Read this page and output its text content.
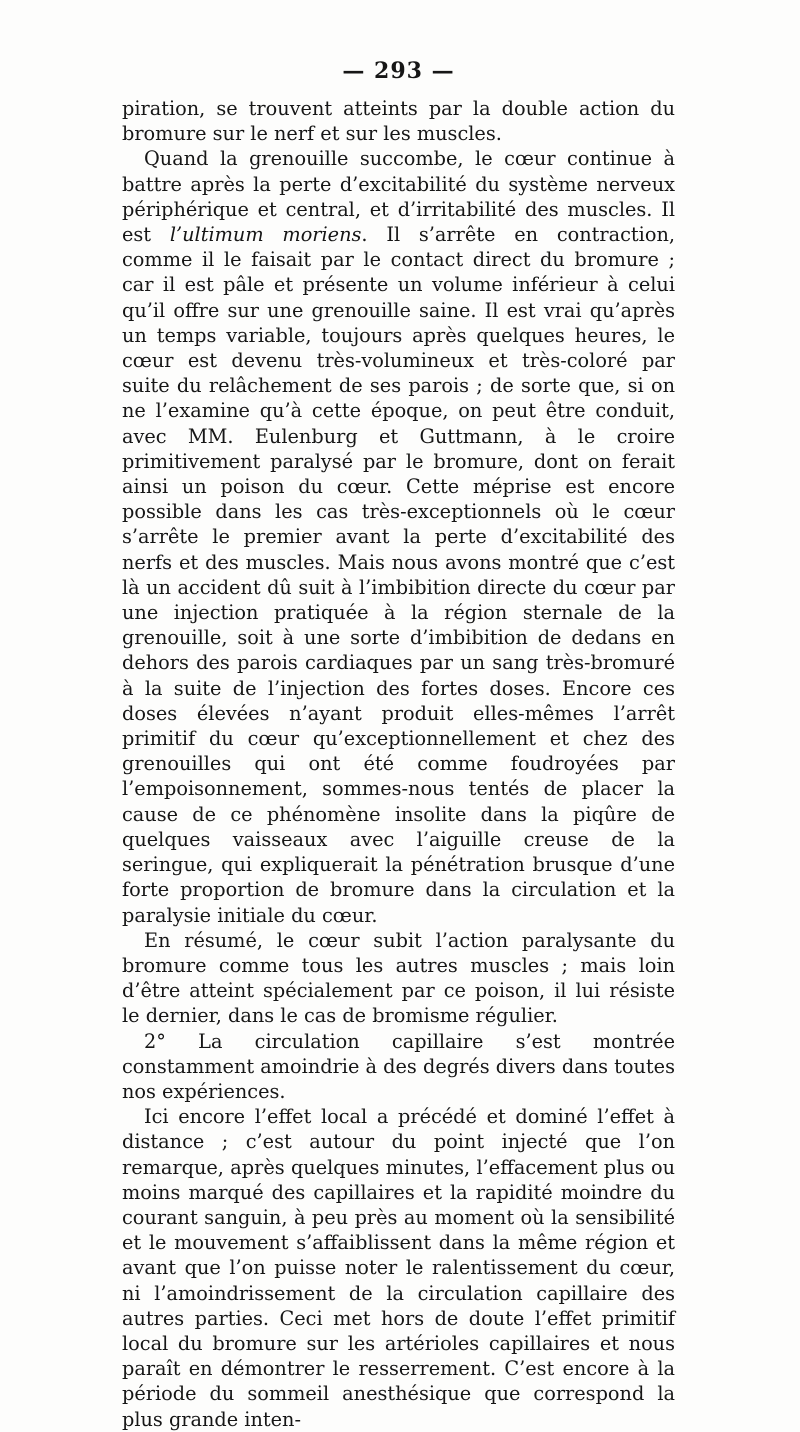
— 293 —

piration, se trouvent atteints par la double action du bromure sur le nerf et sur les muscles.

Quand la grenouille succombe, le cœur continue à battre après la perte d’excitabilité du système nerveux périphérique et central, et d’irritabilité des muscles. Il est l’ultimum moriens. Il s’arrête en contraction, comme il le faisait par le contact direct du bromure ; car il est pâle et présente un volume inférieur à celui qu’il offre sur une grenouille saine. Il est vrai qu’après un temps variable, toujours après quelques heures, le cœur est devenu très-volumineux et très-coloré par suite du relâchement de ses parois ; de sorte que, si on ne l’examine qu’à cette époque, on peut être conduit, avec MM. Eulenburg et Guttmann, à le croire primitivement paralysé par le bromure, dont on ferait ainsi un poison du cœur. Cette méprise est encore possible dans les cas très-exceptionnels où le cœur s’arrête le premier avant la perte d’excitabilité des nerfs et des muscles. Mais nous avons montré que c’est là un accident dû suit à l’imbibition directe du cœur par une injection pratiquée à la région sternale de la grenouille, soit à une sorte d’imbibition de dedans en dehors des parois cardiaques par un sang très-bromuré à la suite de l’injection des fortes doses. Encore ces doses élevées n’ayant produit elles-mêmes l’arrêt primitif du cœur qu’exceptionnellement et chez des grenouilles qui ont été comme foudroyées par l’empoisonnement, sommes-nous tentés de placer la cause de ce phénomène insolite dans la piqûre de quelques vaisseaux avec l’aiguille creuse de la seringue, qui expliquerait la pénétration brusque d’une forte proportion de bromure dans la circulation et la paralysie initiale du cœur.

En résumé, le cœur subit l’action paralysante du bromure comme tous les autres muscles ; mais loin d’être atteint spécialement par ce poison, il lui résiste le dernier, dans le cas de bromisme régulier.

2° La circulation capillaire s’est montrée constamment amoindrie à des degrés divers dans toutes nos expériences.

Ici encore l’effet local a précédé et dominé l’effet à distance ; c’est autour du point injecté que l’on remarque, après quelques minutes, l’effacement plus ou moins marqué des capillaires et la rapidité moindre du courant sanguin, à peu près au moment où la sensibilité et le mouvement s’affaiblissent dans la même région et avant que l’on puisse noter le ralentissement du cœur, ni l’amoindrissement de la circulation capillaire des autres parties. Ceci met hors de doute l’effet primitif local du bromure sur les artérioles capillaires et nous paraît en démontrer le resserrement. C’est encore à la période du sommeil anesthésique que correspond la plus grande inten-
